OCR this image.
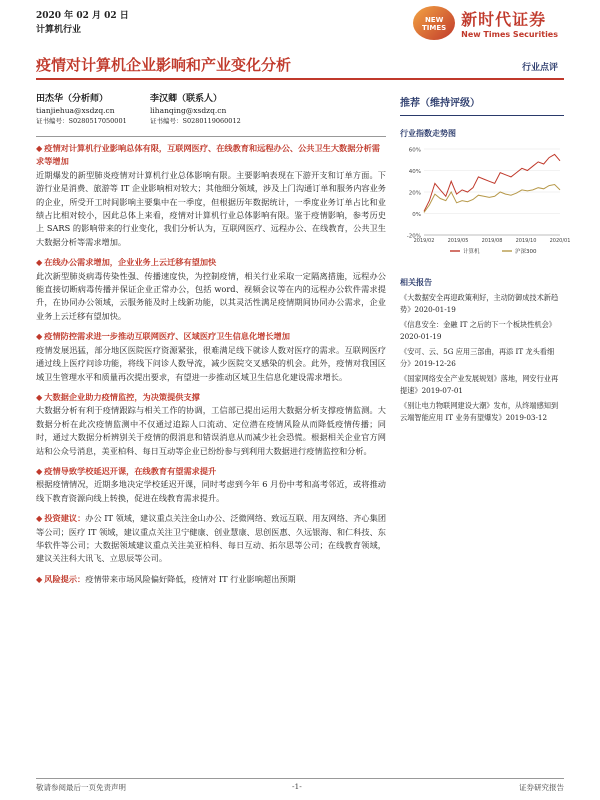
2020 年 02 月 02 日
计算机行业
NEW
TIMES 新时代证券
New Times Securities
疫情对计算机企业影响和产业变化分析	行业点评
田杰华（分析师）
tianjiehua@xsdzq.cn
证书编号：S0280517050001
李汉卿（联系人）
lihanqing@xsdzq.cn
证书编号：S0280119060012
◆ 疫情对计算机行业影响总体有限，互联网医疗、在线教育和远程办公、公共卫生大数据分析需求等增加
近期爆发的新型肺炎疫情对计算机行业总体影响有限。主要影响表现在下游开支和订单方面。下游行业是消费、旅游等 IT 企业影响相对较大；其他细分领域，涉及上门沟通订单和服务内容业务的企业，所受开工时间影响主要集中在一季度，但根据历年数据统计，一季度业务订单占比和业绩占比相对较小，因此总体上来看，疫情对计算机行业总体影响有限。鉴于疫情影响，参考历史上 SARS 的影响带来的行业变化，我们分析认为，互联网医疗、远程办公、在线教育，公共卫生大数据分析等需求增加。
◆ 在线办公需求增加，企业业务上云迁移有望加快
此次新型肺炎病毒传染性强、传播速度快，为控制疫情，相关行业采取一定隔离措施，远程办公能直接切断病毒传播并保证企业正常办公，包括 word、视频会议等在内的远程办公软件需求提升，在协同办公领域，云服务能及时上线新功能，以其灵活性满足疫情期间协同办公需求，企业业务上云迁移有望加快。
◆ 疫情防控需求进一步推动互联网医疗、区域医疗卫生信息化增长增加
疫情发展迅猛，部分地区医院医疗资源紧张，很难满足线下就诊人数对医疗的需求。互联网医疗通过线上医疗问诊功能，将线下问诊人数导流，减少医院交叉感染的机会。此外，疫情对我国区域卫生管理水平和质量再次提出要求，有望进一步推动区域卫生信息化建设需求增长。
◆ 大数据企业助力疫情监控，为决策提供支撑
大数据分析有利于疫情跟踪与相关工作的协调，工信部已提出运用大数据分析支撑疫情监测。大数据分析在此次疫情监测中不仅通过追踪人口流动、定位潜在疫情风险从而降低疫情传播；同时，通过大数据分析辨别关于疫情的假消息和错误消息从而减少社会恐慌。根据相关企业官方网站和公众号消息，美亚柏科、每日互动等企业已纷纷参与到利用大数据进行疫情监控和分析。
◆ 疫情导致学校延迟开课，在线教育有望需求提升
根据疫情情况，近期多地决定学校延迟开课，同时考虑到今年 6 月份中考和高考邻近，或将推动线下教育资源向线上转换，促进在线教育需求提升。
◆ 投资建议：办公 IT 领域，建议重点关注金山办公、泛微网络、致远互联、用友网络、齐心集团等公司；医疗 IT 领域，建议重点关注卫宁健康、创业慧康、思创医惠、久远银海、和仁科技、东华软件等公司；大数据领域建议重点关注美亚柏科、每日互动、拓尔思等公司；在线教育领域，建议关注科大讯飞、立思辰等公司。
◆ 风险提示：疫情带来市场风险偏好降低，疫情对 IT 行业影响超出预期
推荐（维持评级）
行业指数走势图
-20%
0%
20%
40%
60%
2019/02	2019/05	2019/08	2019/10	2020/01
计算机	沪深300
相关报告
《大数据安全再迎政策利好，主动防御成技术新趋势》2020-01-19
《信息安全：金融 IT 之后的下一个板块性机会》2020-01-19
《安可、云、5G 应用三部曲，再添 IT 龙头看细分》2019-12-26
《国家网络安全产业发展规划》落地，网安行业再提速》2019-07-01
《别让电力物联网建设大潮》发布，从终端感知到云端智能应用 IT 业务有望爆发》2019-03-12
敬请参阅最后一页免责声明	-1-	证券研究报告
